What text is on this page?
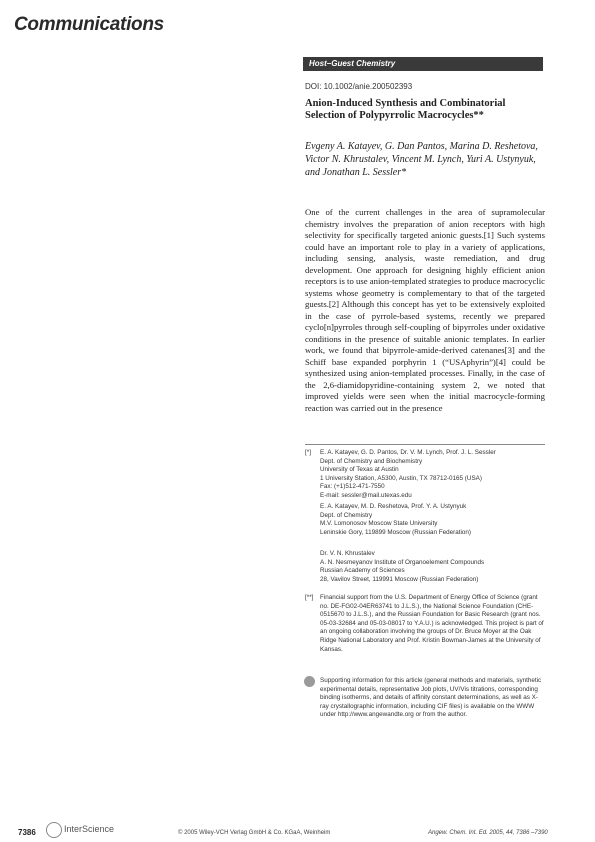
Communications
Host–Guest Chemistry
DOI: 10.1002/anie.200502393
Anion-Induced Synthesis and Combinatorial Selection of Polypyrrolic Macrocycles**
Evgeny A. Katayev, G. Dan Pantos, Marina D. Reshetova, Victor N. Khrustalev, Vincent M. Lynch, Yuri A. Ustynyuk, and Jonathan L. Sessler*
One of the current challenges in the area of supramolecular chemistry involves the preparation of anion receptors with high selectivity for specifically targeted anionic guests.[1] Such systems could have an important role to play in a variety of applications, including sensing, analysis, waste remediation, and drug development. One approach for designing highly efficient anion receptors is to use anion-templated strategies to produce macrocyclic systems whose geometry is complementary to that of the targeted guests.[2] Although this concept has yet to be extensively exploited in the case of pyrrole-based systems, recently we prepared cyclo[n]pyrroles through self-coupling of bipyrroles under oxidative conditions in the presence of suitable anionic templates. In earlier work, we found that bipyrrole-amide-derived catenanes[3] and the Schiff base expanded porphyrin 1 (“USAphyrin”)[4] could be synthesized using anion-templated processes. Finally, in the case of the 2,6-diamidopyridine-containing system 2, we noted that improved yields were seen when the initial macrocycle-forming reaction was carried out in the presence
[*]	E. A. Katayev, G. D. Pantos, Dr. V. M. Lynch, Prof. J. L. Sessler
Dept. of Chemistry and Biochemistry
University of Texas at Austin
1 University Station, A5300, Austin, TX 78712-0165 (USA)
Fax: (+1)512-471-7550
E-mail: sessler@mail.utexas.edu
E. A. Katayev, M. D. Reshetova, Prof. Y. A. Ustynyuk
Dept. of Chemistry
M.V. Lomonosov Moscow State University
Leninskie Gory, 119899 Moscow (Russian Federation)
Dr. V. N. Khrustalev
A. N. Nesmeyanov Institute of Organoelement Compounds
Russian Academy of Sciences
28, Vavilov Street, 119991 Moscow (Russian Federation)
[**]	Financial support from the U.S. Department of Energy Office of Science (grant no. DE-FG02-04ER63741 to J.L.S.), the National Science Foundation (CHE-0515670 to J.L.S.), and the Russian Foundation for Basic Research (grant nos. 05-03-32684 and 05-03-08017 to Y.A.U.) is acknowledged. This project is part of an ongoing collaboration involving the groups of Dr. Bruce Moyer at the Oak Ridge National Laboratory and Prof. Kristin Bowman-James at the University of Kansas.
Supporting information for this article (general methods and materials, synthetic experimental details, representative Job plots, UV/Vis titrations, corresponding binding isotherms, and details of affinity constant determinations, as well as X-ray crystallographic information, including CIF files) is available on the WWW under http://www.angewandte.org or from the author.
7386	InterScience	© 2005 Wiley-VCH Verlag GmbH & Co. KGaA, Weinheim	Angew. Chem. Int. Ed. 2005, 44, 7386 –7390
